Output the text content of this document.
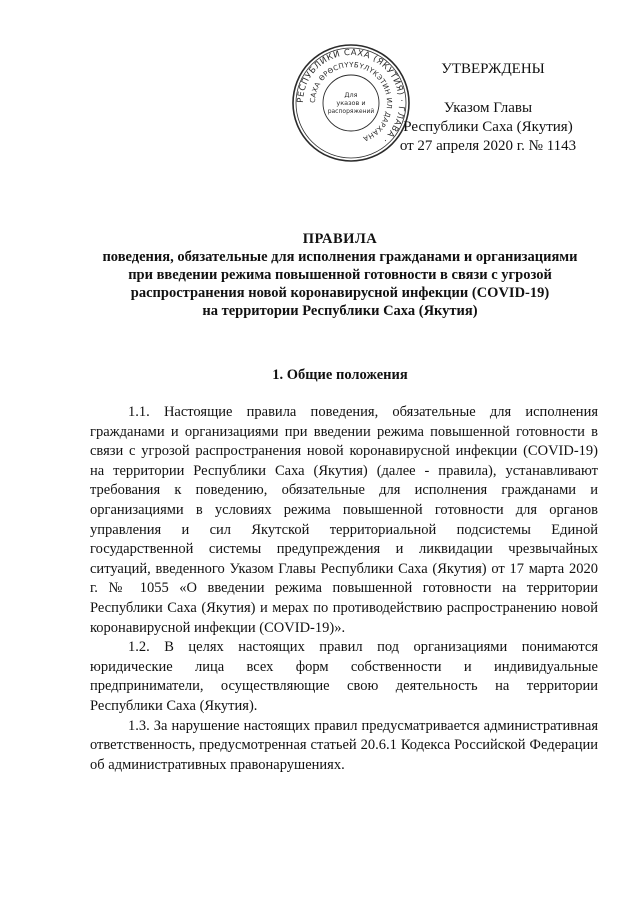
РЕСПУБЛИКИ САХА (ЯКУТИЯ) · ГЛАВА ·
САХА ӨРӨСПҮҮБҮЛҮКЭТИН ИЛ ДАРХАНА
Для
указов и
распоряжений
УТВЕРЖДЕНЫ
Указом Главы
Республики Саха (Якутия)
от 27 апреля 2020 г. № 1143
ПРАВИЛА
поведения, обязательные для исполнения гражданами и организациями
при введении режима повышенной готовности в связи с угрозой
распространения новой коронавирусной инфекции (COVID-19)
на территории Республики Саха (Якутия)
1. Общие положения

1.1. Настоящие правила поведения, обязательные для исполнения гражданами и организациями при введении режима повышенной готовности в связи с угрозой распространения новой коронавирусной инфекции (COVID-19) на территории Республики Саха (Якутия) (далее - правила), устанавливают требования к поведению, обязательные для исполнения гражданами и организациями в условиях режима повышенной готовности для органов управления и сил Якутской территориальной подсистемы Единой государственной системы предупреждения и ликвидации чрезвычайных ситуаций, введенного Указом Главы Республики Саха (Якутия) от 17 марта 2020 г. № 1055 «О введении режима повышенной готовности на территории Республики Саха (Якутия) и мерах по противодействию распространению новой коронавирусной инфекции (COVID-19)».

1.2. В целях настоящих правил под организациями понимаются юридические лица всех форм собственности и индивидуальные предприниматели, осуществляющие свою деятельность на территории Республики Саха (Якутия).

1.3. За нарушение настоящих правил предусматривается административная ответственность, предусмотренная статьей 20.6.1 Кодекса Российской Федерации об административных правонарушениях.
